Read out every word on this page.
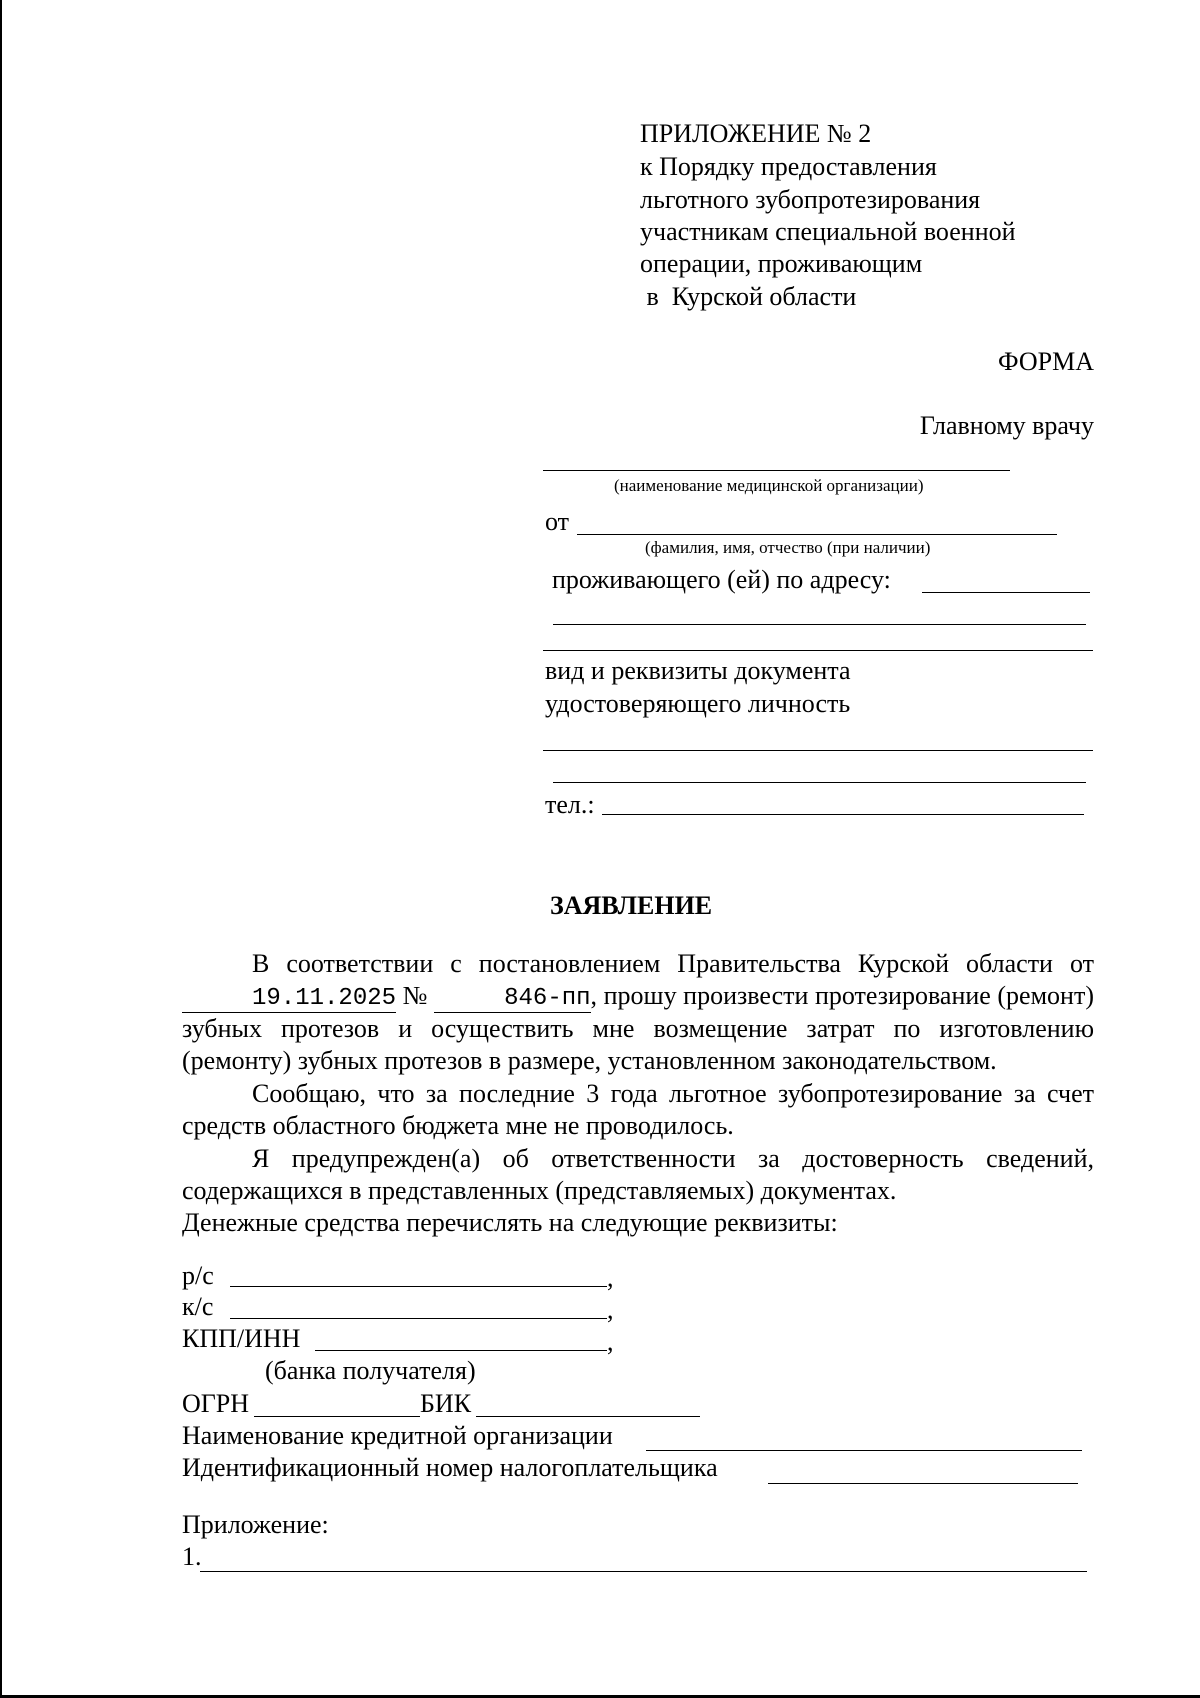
ПРИЛОЖЕНИЕ № 2
к Порядку предоставления
льготного зубопротезирования
участникам специальной военной
операции, проживающим
в  Курской области
ФОРМА
Главному врачу
(наименование медицинской организации)
от
(фамилия, имя, отчество (при наличии)
проживающего (ей) по адресу:
вид и реквизиты документа
удостоверяющего личность
тел.:
ЗАЯВЛЕНИЕ
В соответствии с постановлением Правительства Курской области от19.11.2025 №	846-пп, прошу произвести протезирование (ремонт) зубных протезов и осуществить мне возмещение затрат по изготовлению (ремонту) зубных протезов в размере, установленном законодательством.
Сообщаю, что за последние 3 года льготное зубопротезирование за счет средств областного бюджета мне не проводилось.
Я предупрежден(а) об ответственности за достоверность сведений, содержащихся в представленных (представляемых) документах.
Денежные средства перечислять на следующие реквизиты:
р/с	,
к/с	,
КПП/ИНН	,
(банка получателя)
ОГРН	БИК
Наименование кредитной организации
Идентификационный номер налогоплательщика
Приложение:
1.
